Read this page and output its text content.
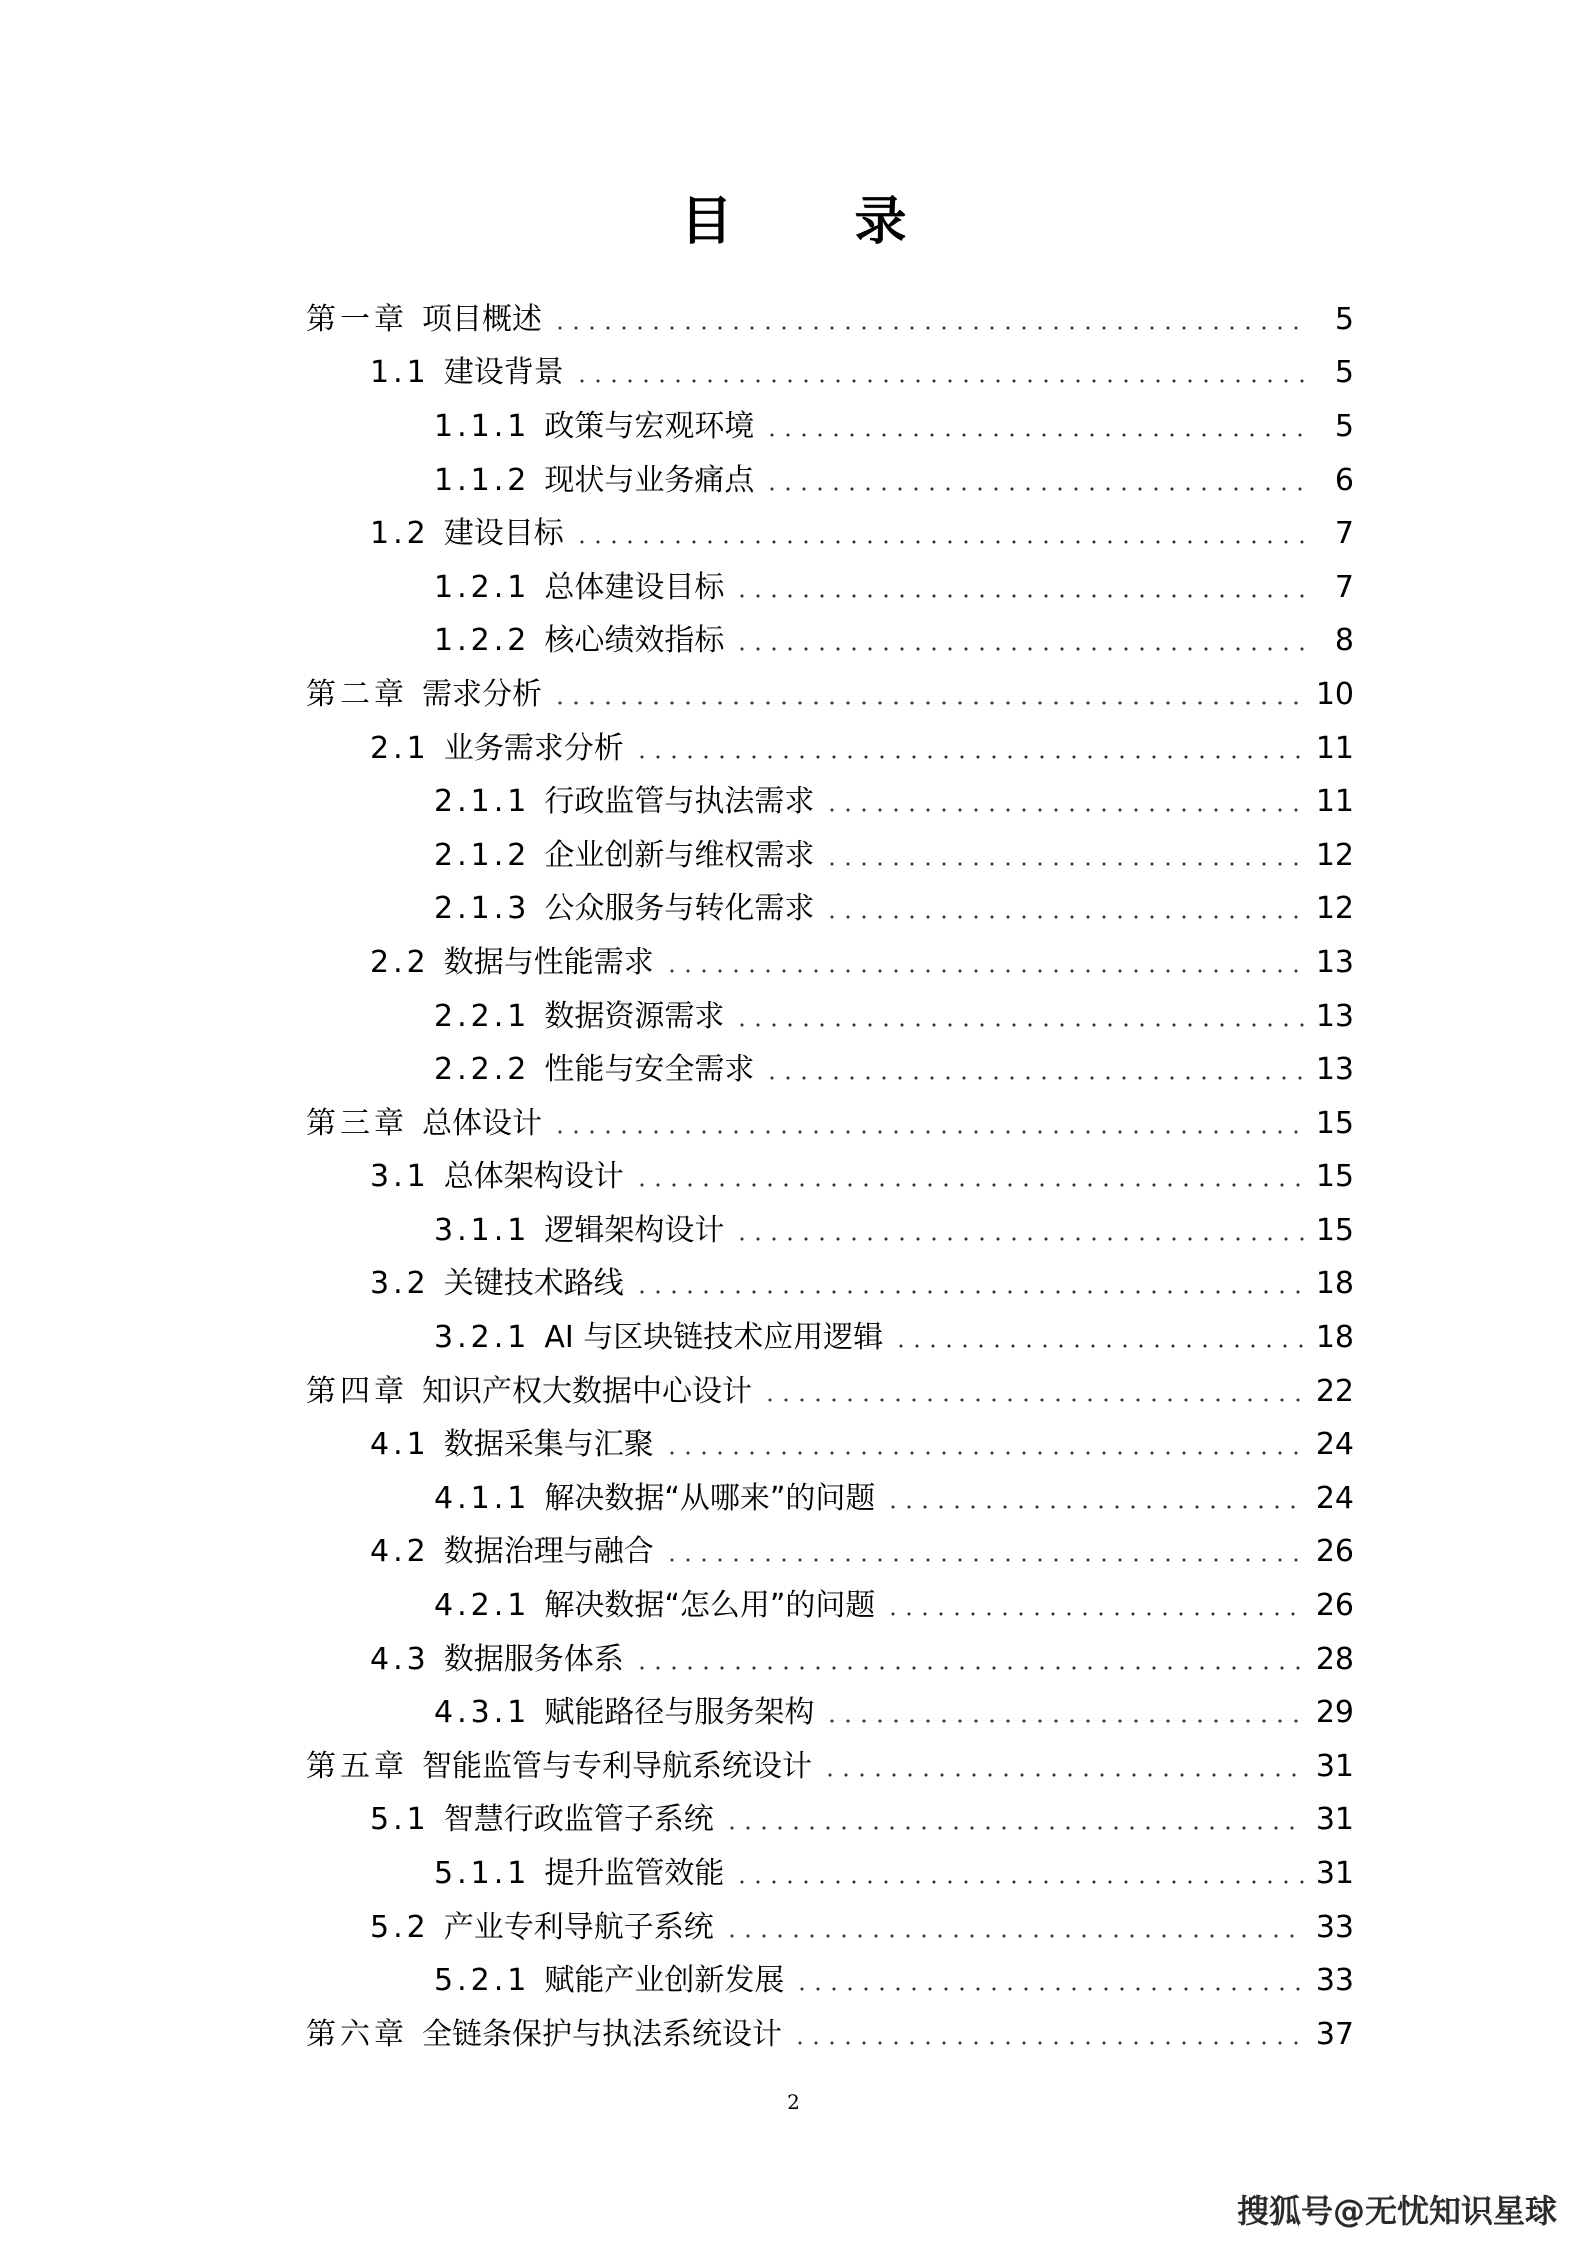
目 录
第一章 项目概述	5
1.1 建设背景	5
1.1.1 政策与宏观环境	5
1.1.2 现状与业务痛点	6
1.2 建设目标	7
1.2.1 总体建设目标	7
1.2.2 核心绩效指标	8
第二章 需求分析	10
2.1 业务需求分析	11
2.1.1 行政监管与执法需求	11
2.1.2 企业创新与维权需求	12
2.1.3 公众服务与转化需求	12
2.2 数据与性能需求	13
2.2.1 数据资源需求	13
2.2.2 性能与安全需求	13
第三章 总体设计	15
3.1 总体架构设计	15
3.1.1 逻辑架构设计	15
3.2 关键技术路线	18
3.2.1 AI 与区块链技术应用逻辑	18
第四章 知识产权大数据中心设计	22
4.1 数据采集与汇聚	24
4.1.1 解决数据“从哪来”的问题	24
4.2 数据治理与融合	26
4.2.1 解决数据“怎么用”的问题	26
4.3 数据服务体系	28
4.3.1 赋能路径与服务架构	29
第五章 智能监管与专利导航系统设计	31
5.1 智慧行政监管子系统	31
5.1.1 提升监管效能	31
5.2 产业专利导航子系统	33
5.2.1 赋能产业创新发展	33
第六章 全链条保护与执法系统设计	37
2
搜狐号@无忧知识星球
